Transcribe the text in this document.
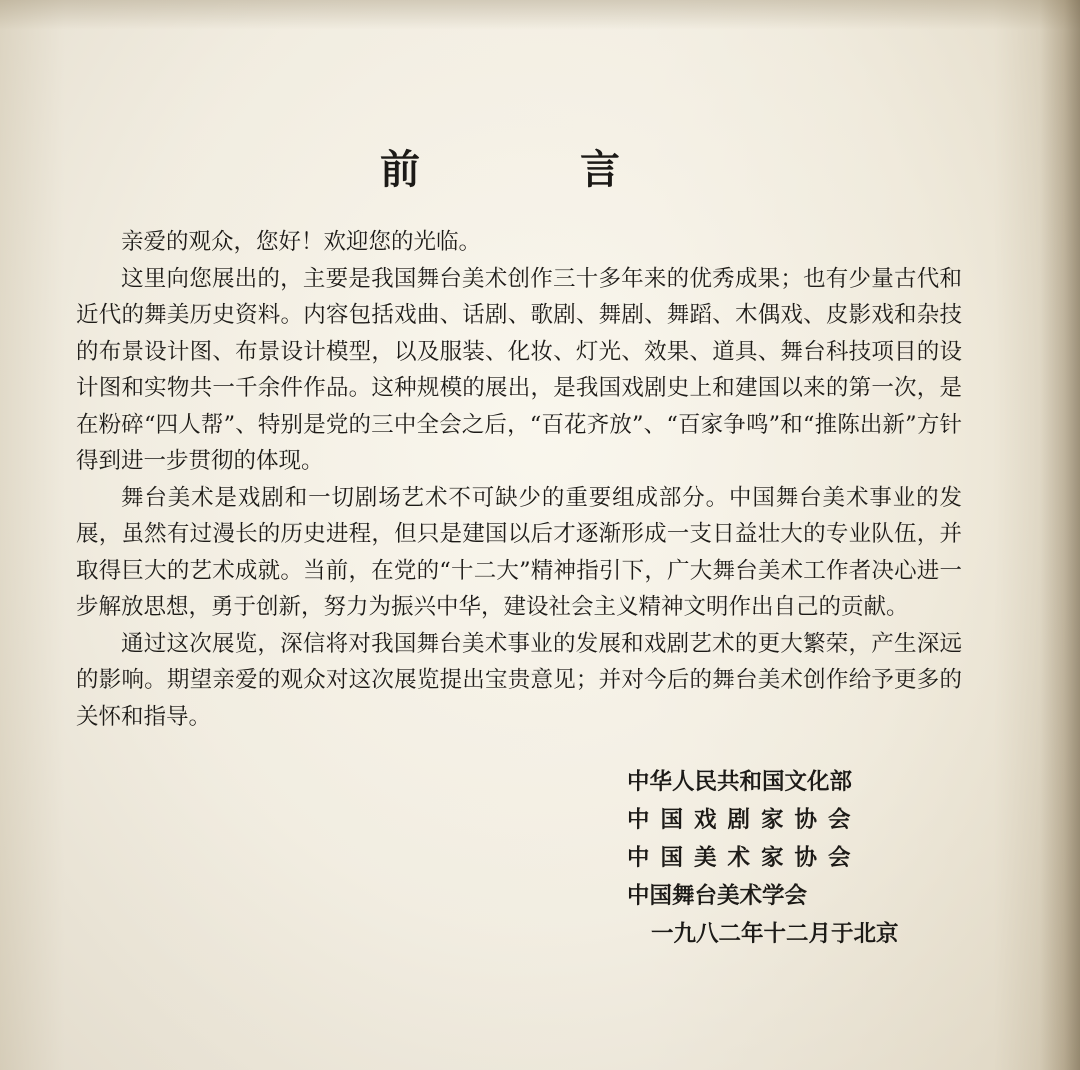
前　言

亲爱的观众，您好！欢迎您的光临。

这里向您展出的，主要是我国舞台美术创作三十多年来的优秀成果；也有少量古代和近代的舞美历史资料。内容包括戏曲、话剧、歌剧、舞剧、舞蹈、木偶戏、皮影戏和杂技的布景设计图、布景设计模型，以及服装、化妆、灯光、效果、道具、舞台科技项目的设计图和实物共一千余件作品。这种规模的展出，是我国戏剧史上和建国以来的第一次，是在粉碎“四人帮”、特别是党的三中全会之后，“百花齐放”、“百家争鸣”和“推陈出新”方针得到进一步贯彻的体现。

舞台美术是戏剧和一切剧场艺术不可缺少的重要组成部分。中国舞台美术事业的发展，虽然有过漫长的历史进程，但只是建国以后才逐渐形成一支日益壮大的专业队伍，并取得巨大的艺术成就。当前，在党的“十二大”精神指引下，广大舞台美术工作者决心进一步解放思想，勇于创新，努力为振兴中华，建设社会主义精神文明作出自己的贡献。

通过这次展览，深信将对我国舞台美术事业的发展和戏剧艺术的更大繁荣，产生深远的影响。期望亲爱的观众对这次展览提出宝贵意见；并对今后的舞台美术创作给予更多的关怀和指导。

中华人民共和国文化部
中国戏剧家协会
中国美术家协会
中国舞台美术学会
一九八二年十二月于北京
